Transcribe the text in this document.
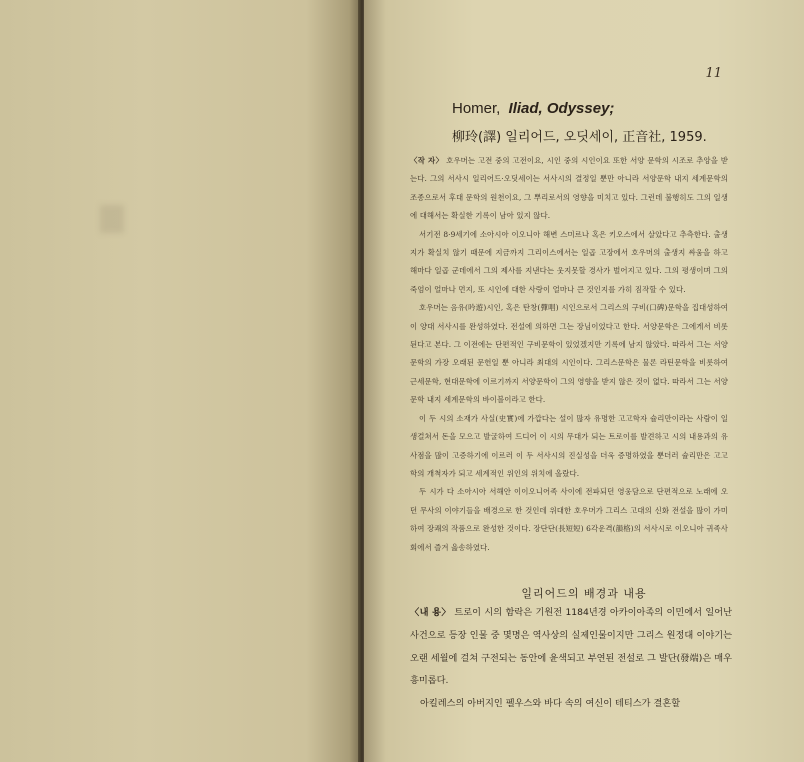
11
Homer, Iliad, Odyssey;
柳玲(譯) 일리어드, 오딧세이, 正音社, 1959.

〈작 자〉 호우머는 고전 중의 고전이요, 시인 중의 시인이요 또한 서양 문학의 시조로 추앙을 받는다. 그의 서사시 일리어드·오딧세이는 서사시의 결정일 뿐만 아니라 서양문학 내지 세계문학의 조종으로서 후대 문학의 원천이요, 그 뿌리로서의 영향을 미치고 있다. 그런데 불행히도 그의 일생에 대해서는 확실한 기록이 남아 있지 않다.

서기전 8·9세기에 소아시아 이오니아 해변 스미르나 혹은 키오스에서 살았다고 추측한다. 출생지가 확실치 않기 때문에 지금까지 그리이스에서는 일곱 고장에서 호우머의 출생지 싸움을 하고 해마다 일곱 군데에서 그의 제사를 지낸다는 웃지못할 경사가 벌어지고 있다. 그의 평생이며 그의 죽엄이 얼마나 먼지, 또 시인에 대한 사랑이 얼마나 큰 것인지를 가히 짐작할 수 있다.

호우머는 음유(吟遊)시인, 혹은 탄창(彈唱) 시인으로서 그리스의 구비(口碑)문학을 집대성하여 이 양대 서사시를 완성하였다. 전설에 의하면 그는 장님이었다고 한다. 서양문학은 그에게서 비롯된다고 본다. 그 이전에는 단편적인 구비문학이 있었겠지만 기록에 남지 않았다. 따라서 그는 서양문학의 가장 오래된 문헌일 뿐 아니라 최대의 시인이다. 그리스문학은 물론 라틴문학을 비롯하여 근세문학, 현대문학에 이르기까지 서양문학이 그의 영향을 받지 않은 것이 없다. 따라서 그는 서양문학 내지 세계문학의 바이블이라고 한다.

이 두 시의 소재가 사실(史實)에 가깝다는 설이 많자 유명한 고고학자 슐리만이라는 사람이 일생걸쳐서 돈을 모으고 발굴하여 드디어 이 시의 무대가 되는 트로이를 발견하고 시의 내용과의 유사점을 많이 고증하기에 이르러 이 두 서사시의 진실성을 더욱 증명하였을 뿐더러 슐리만은 고고학의 개척자가 되고 세계적인 위인의 위치에 올랐다.

두 시가 다 소아시아 서해안 이이오니어족 사이에 전파되던 영웅담으로 단편적으로 노래에 오던 무사의 이야기들을 배경으로 한 것인데 위대한 호우머가 그리스 고대의 신화 전설을 많이 가미하여 장쾌의 작품으로 완성한 것이다. 장단단(長短短) 6각운격(韻格)의 서사시로 이오니아 귀족사회에서 즐겨 읊송하였다.

일리어드의 배경과 내용

〈내 용〉 트로이 시의 함락은 기원전 1184년경 아카이아족의 이민에서 일어난 사건으로 등장 인물 중 몇명은 역사상의 실제인물이지만 그리스 원정대 이야기는 오랜 세월에 걸쳐 구전되는 동안에 윤색되고 부연된 전설로 그 발단(發端)은 매우 흥미롭다.

아킬레스의 아버지인 펠우스와 바다 속의 여신이 테티스가 결혼할
